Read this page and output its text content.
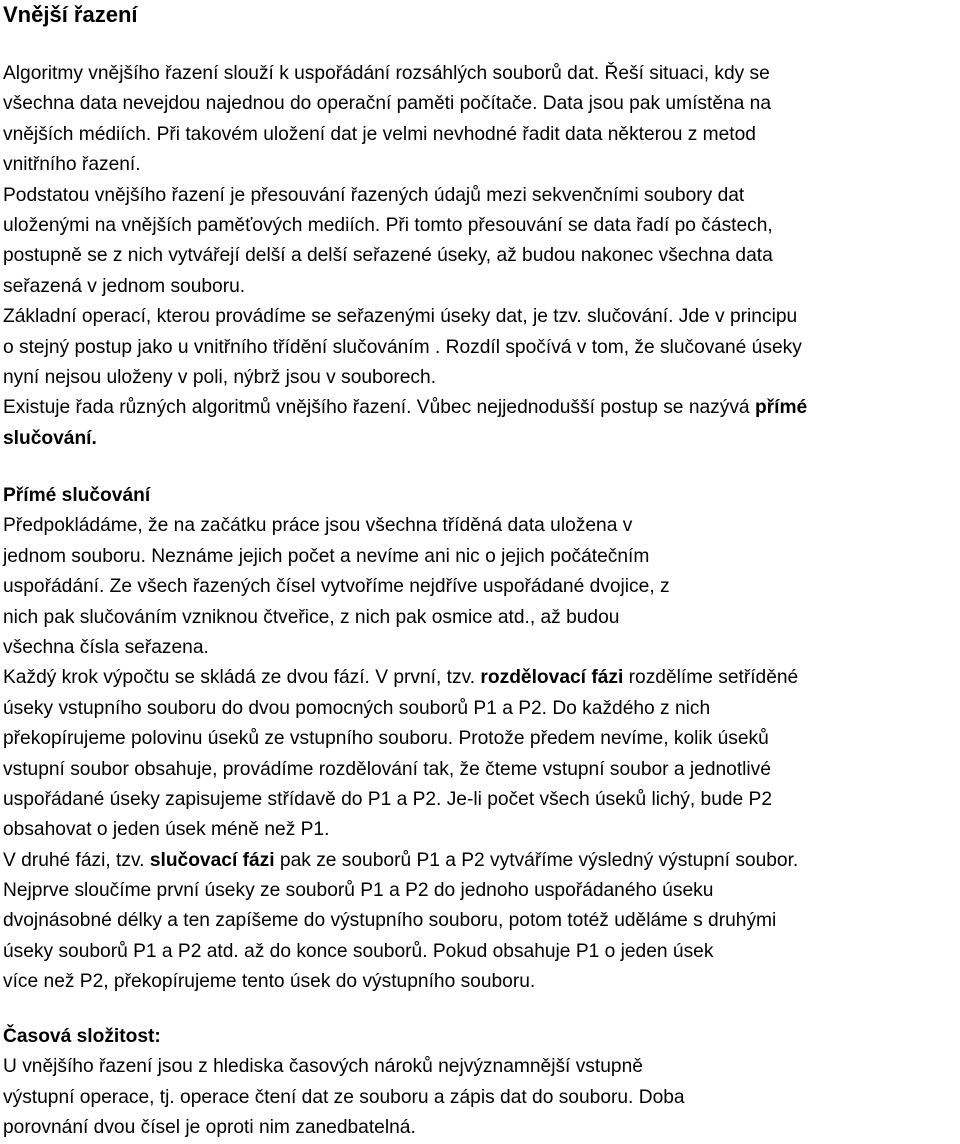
Vnější řazení
Algoritmy vnějšího řazení slouží k uspořádání rozsáhlých souborů dat. Řeší situaci, kdy se
všechna data nevejdou najednou do operační paměti počítače. Data jsou pak umístěna na
vnějších médiích. Při takovém uložení dat je velmi nevhodné řadit data některou z metod
vnitřního řazení.
Podstatou vnějšího řazení je přesouvání řazených údajů mezi sekvenčními soubory dat
uloženými na vnějších paměťových mediích. Při tomto přesouvání se data řadí po částech,
postupně se z nich vytvářejí delší a delší seřazené úseky, až budou nakonec všechna data
seřazená v jednom souboru.
Základní operací, kterou provádíme se seřazenými úseky dat, je tzv. slučování. Jde v principu
o stejný postup jako u vnitřního třídění slučováním . Rozdíl spočívá v tom, že slučované úseky
nyní nejsou uloženy v poli, nýbrž jsou v souborech.
Existuje řada různých algoritmů vnějšího řazení. Vůbec nejjednodušší postup se nazývá přímé
slučování.
Přímé slučování
Předpokládáme, že na začátku práce jsou všechna tříděná data uložena v
jednom souboru. Neznáme jejich počet a nevíme ani nic o jejich počátečním
uspořádání. Ze všech řazených čísel vytvoříme nejdříve uspořádané dvojice, z
nich pak slučováním vzniknou čtveřice, z nich pak osmice atd., až budou
všechna čísla seřazena.
Každý krok výpočtu se skládá ze dvou fází. V první, tzv. rozdělovací fázi rozdělíme setříděné
úseky vstupního souboru do dvou pomocných souborů P1 a P2. Do každého z nich
překopírujeme polovinu úseků ze vstupního souboru. Protože předem nevíme, kolik úseků
vstupní soubor obsahuje, provádíme rozdělování tak, že čteme vstupní soubor a jednotlivé
uspořádané úseky zapisujeme střídavě do P1 a P2. Je-li počet všech úseků lichý, bude P2
obsahovat o jeden úsek méně než P1.
V druhé fázi, tzv. slučovací fázi pak ze souborů P1 a P2 vytváříme výsledný výstupní soubor.
Nejprve sloučíme první úseky ze souborů P1 a P2 do jednoho uspořádaného úseku
dvojnásobné délky a ten zapíšeme do výstupního souboru, potom totéž uděláme s druhými
úseky souborů P1 a P2 atd. až do konce souborů. Pokud obsahuje P1 o jeden úsek
více než P2, překopírujeme tento úsek do výstupního souboru.
Časová složitost:
U vnějšího řazení jsou z hlediska časových nároků nejvýznamnější vstupně
výstupní operace, tj. operace čtení dat ze souboru a zápis dat do souboru. Doba
porovnání dvou čísel je oproti nim zanedbatelná.
